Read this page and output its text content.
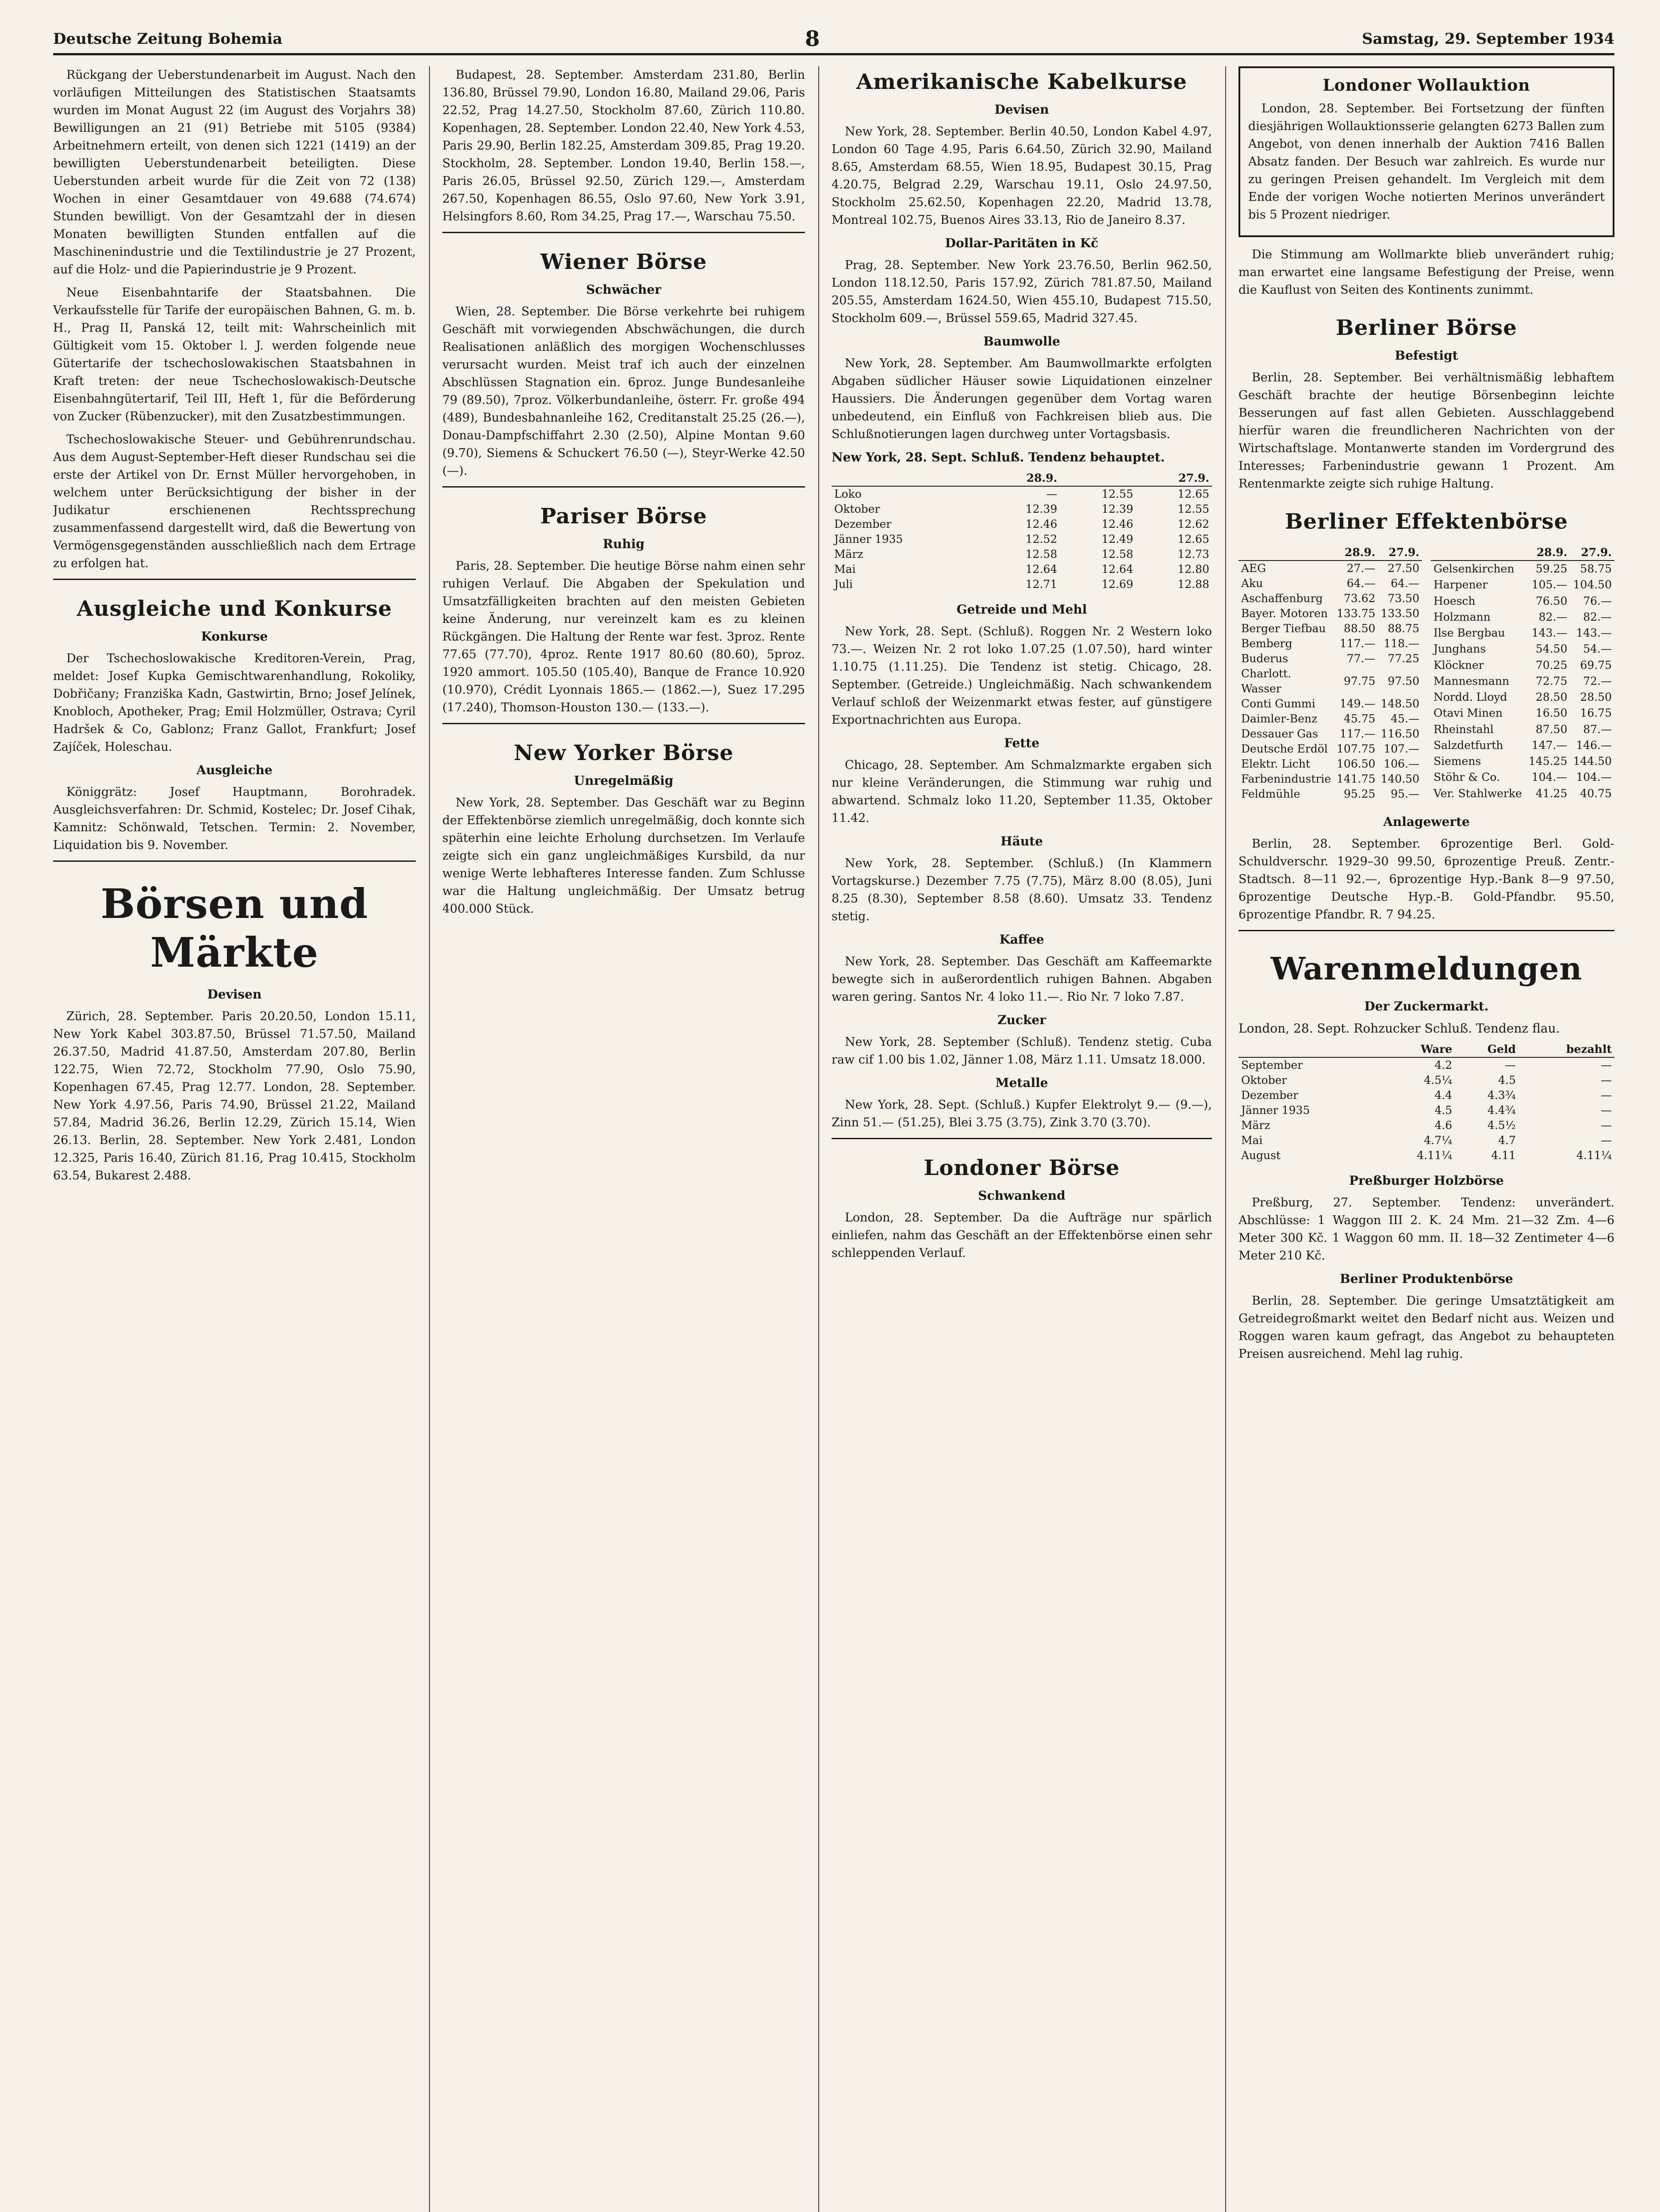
Deutsche Zeitung Bohemia	8	Samstag, 29. September 1934

Rückgang der Ueberstundenarbeit im August. Nach den vorläufigen Mitteilungen des Statistischen Staatsamts wurden im Monat August 22 (im August des Vorjahrs 38) Bewilligungen an 21 (91) Betriebe mit 5105 (9384) Arbeitnehmern erteilt, von denen sich 1221 (1419) an der bewilligten Ueberstundenarbeit beteiligten. Diese Ueberstunden arbeit wurde für die Zeit von 72 (138) Wochen in einer Gesamtdauer von 49.688 (74.674) Stunden bewilligt. Von der Gesamtzahl der in diesen Monaten bewilligten Stunden entfallen auf die Maschinenindustrie und die Textilindustrie je 27 Prozent, auf die Holz- und die Papierindustrie je 9 Prozent.

Neue Eisenbahntarife der Staatsbahnen. Die Verkaufsstelle für Tarife der europäischen Bahnen, G. m. b. H., Prag II, Panská 12, teilt mit: Wahrscheinlich mit Gültigkeit vom 15. Oktober l. J. werden folgende neue Gütertarife der tschechoslowakischen Staatsbahnen in Kraft treten: der neue Tschechoslowakisch-Deutsche Eisenbahngütertarif, Teil III, Heft 1, für die Beförderung von Zucker (Rübenzucker), mit den Zusatzbestimmungen.

Tschechoslowakische Steuer- und Gebührenrundschau. Aus dem August-September-Heft dieser Rundschau sei die erste der Artikel von Dr. Ernst Müller hervorgehoben, in welchem unter Berücksichtigung der bisher in der Judikatur erschienenen Rechtssprechung zusammenfassend dargestellt wird, daß die Bewertung von Vermögensgegenständen ausschließlich nach dem Ertrage zu erfolgen hat.

Ausgleiche und Konkurse
Konkurse

Der Tschechoslowakische Kreditoren-Verein, Prag, meldet: Josef Kupka Gemischtwarenhandlung, Rokoliky, Dobřičany; Franziška Kadn, Gastwirtin, Brno; Josef Jelínek, Knobloch, Apotheker, Prag; Emil Holzmüller, Ostrava; Cyril Hadršek & Co, Gablonz; Franz Gallot, Frankfurt; Josef Zajíček, Holeschau.

Ausgleiche

Königgrätz: Josef Hauptmann, Borohradek. Ausgleichsverfahren: Dr. Schmid, Kostelec; Dr. Josef Cihak, Kamnitz: Schönwald, Tetschen. Termin: 2. November, Liquidation bis 9. November.

Börsen und Märkte
Devisen

Zürich, 28. September. Paris 20.20.50, London 15.11, New York Kabel 303.87.50, Brüssel 71.57.50, Mailand 26.37.50, Madrid 41.87.50, Amsterdam 207.80, Berlin 122.75, Wien 72.72, Stockholm 77.90, Oslo 75.90, Kopenhagen 67.45, Prag 12.77. London, 28. September. New York 4.97.56, Paris 74.90, Brüssel 21.22, Mailand 57.84, Madrid 36.26, Berlin 12.29, Zürich 15.14, Wien 26.13. Berlin, 28. September. New York 2.481, London 12.325, Paris 16.40, Zürich 81.16, Prag 10.415, Stockholm 63.54, Bukarest 2.488.

Budapest, 28. September. Amsterdam 231.80, Berlin 136.80, Brüssel 79.90, London 16.80, Mailand 29.06, Paris 22.52, Prag 14.27.50, Stockholm 87.60, Zürich 110.80. Kopenhagen, 28. September. London 22.40, New York 4.53, Paris 29.90, Berlin 182.25, Amsterdam 309.85, Prag 19.20. Stockholm, 28. September. London 19.40, Berlin 158.—, Paris 26.05, Brüssel 92.50, Zürich 129.—, Amsterdam 267.50, Kopenhagen 86.55, Oslo 97.60, New York 3.91, Helsingfors 8.60, Rom 34.25, Prag 17.—, Warschau 75.50.

Wiener Börse
Schwächer

Wien, 28. September. Die Börse verkehrte bei ruhigem Geschäft mit vorwiegenden Abschwächungen, die durch Realisationen anläßlich des morgigen Wochenschlusses verursacht wurden. Meist traf ich auch der einzelnen Abschlüssen Stagnation ein. 6proz. Junge Bundesanleihe 79 (89.50), 7proz. Völkerbundanleihe, österr. Fr. große 494 (489), Bundesbahnanleihe 162, Creditanstalt 25.25 (26.—), Donau-Dampfschiffahrt 2.30 (2.50), Alpine Montan 9.60 (9.70), Siemens & Schuckert 76.50 (—), Steyr-Werke 42.50 (—).

Pariser Börse
Ruhig

Paris, 28. September. Die heutige Börse nahm einen sehr ruhigen Verlauf. Die Abgaben der Spekulation und Umsatzfälligkeiten brachten auf den meisten Gebieten keine Änderung, nur vereinzelt kam es zu kleinen Rückgängen. Die Haltung der Rente war fest. 3proz. Rente 77.65 (77.70), 4proz. Rente 1917 80.60 (80.60), 5proz. 1920 ammort. 105.50 (105.40), Banque de France 10.920 (10.970), Crédit Lyonnais 1865.— (1862.—), Suez 17.295 (17.240), Thomson-Houston 130.— (133.—).

New Yorker Börse
Unregelmäßig

New York, 28. September. Das Geschäft war zu Beginn der Effektenbörse ziemlich unregelmäßig, doch konnte sich späterhin eine leichte Erholung durchsetzen. Im Verlaufe zeigte sich ein ganz ungleichmäßiges Kursbild, da nur wenige Werte lebhafteres Interesse fanden. Zum Schlusse war die Haltung ungleichmäßig. Der Umsatz betrug 400.000 Stück.

Amerikanische Kabelkurse
Devisen

New York, 28. September. Berlin 40.50, London Kabel 4.97, London 60 Tage 4.95, Paris 6.64.50, Zürich 32.90, Mailand 8.65, Amsterdam 68.55, Wien 18.95, Budapest 30.15, Prag 4.20.75, Belgrad 2.29, Warschau 19.11, Oslo 24.97.50, Stockholm 25.62.50, Kopenhagen 22.20, Madrid 13.78, Montreal 102.75, Buenos Aires 33.13, Rio de Janeiro 8.37.

Dollar-Paritäten in Kč

Prag, 28. September. New York 23.76.50, Berlin 962.50, London 118.12.50, Paris 157.92, Zürich 781.87.50, Mailand 205.55, Amsterdam 1624.50, Wien 455.10, Budapest 715.50, Stockholm 609.—, Brüssel 559.65, Madrid 327.45.

Baumwolle

New York, 28. September. Am Baumwollmarkte erfolgten Abgaben südlicher Häuser sowie Liquidationen einzelner Haussiers. Die Änderungen gegenüber dem Vortag waren unbedeutend, ein Einfluß von Fachkreisen blieb aus. Die Schlußnotierungen lagen durchweg unter Vortagsbasis.

New York, 28. Sept. Schluß. Tendenz behauptet.
	28.9.		27.9.
Loko	—	12.55	12.65
Oktober	12.39	12.39	12.55
Dezember	12.46	12.46	12.62
Jänner 1935	12.52	12.49	12.65
März	12.58	12.58	12.73
Mai	12.64	12.64	12.80
Juli	12.71	12.69	12.88
Getreide und Mehl

New York, 28. Sept. (Schluß). Roggen Nr. 2 Western loko 73.—. Weizen Nr. 2 rot loko 1.07.25 (1.07.50), hard winter 1.10.75 (1.11.25). Die Tendenz ist stetig. Chicago, 28. September. (Getreide.) Ungleichmäßig. Nach schwankendem Verlauf schloß der Weizenmarkt etwas fester, auf günstigere Exportnachrichten aus Europa.

Fette

Chicago, 28. September. Am Schmalzmarkte ergaben sich nur kleine Veränderungen, die Stimmung war ruhig und abwartend. Schmalz loko 11.20, September 11.35, Oktober 11.42.

Häute

New York, 28. September. (Schluß.) (In Klammern Vortagskurse.) Dezember 7.75 (7.75), März 8.00 (8.05), Juni 8.25 (8.30), September 8.58 (8.60). Umsatz 33. Tendenz stetig.

Kaffee

New York, 28. September. Das Geschäft am Kaffeemarkte bewegte sich in außerordentlich ruhigen Bahnen. Abgaben waren gering. Santos Nr. 4 loko 11.—. Rio Nr. 7 loko 7.87.

Zucker

New York, 28. September (Schluß). Tendenz stetig. Cuba raw cif 1.00 bis 1.02, Jänner 1.08, März 1.11. Umsatz 18.000.

Metalle

New York, 28. Sept. (Schluß.) Kupfer Elektrolyt 9.— (9.—), Zinn 51.— (51.25), Blei 3.75 (3.75), Zink 3.70 (3.70).

Londoner Börse
Schwankend

London, 28. September. Da die Aufträge nur spärlich einliefen, nahm das Geschäft an der Effektenbörse einen sehr schleppenden Verlauf.

Londoner Wollauktion

London, 28. September. Bei Fortsetzung der fünften diesjährigen Wollauktionsserie gelangten 6273 Ballen zum Angebot, von denen innerhalb der Auktion 7416 Ballen Absatz fanden. Der Besuch war zahlreich. Es wurde nur zu geringen Preisen gehandelt. Im Vergleich mit dem Ende der vorigen Woche notierten Merinos unverändert bis 5 Prozent niedriger.

Die Stimmung am Wollmarkte blieb unverändert ruhig; man erwartet eine langsame Befestigung der Preise, wenn die Kauflust von Seiten des Kontinents zunimmt.

Berliner Börse
Befestigt

Berlin, 28. September. Bei verhältnismäßig lebhaftem Geschäft brachte der heutige Börsenbeginn leichte Besserungen auf fast allen Gebieten. Ausschlaggebend hierfür waren die freundlicheren Nachrichten von der Wirtschaftslage. Montanwerte standen im Vordergrund des Interesses; Farbenindustrie gewann 1 Prozent. Am Rentenmarkte zeigte sich ruhige Haltung.

Berliner Effektenbörse
	28.9.	27.9.
AEG	27.—	27.50
Aku	64.—	64.—
Aschaffenburg	73.62	73.50
Bayer. Motoren	133.75	133.50
Berger Tiefbau	88.50	88.75
Bemberg	117.—	118.—
Buderus	77.—	77.25
Charlott. Wasser	97.75	97.50
Conti Gummi	149.—	148.50
Daimler-Benz	45.75	45.—
Dessauer Gas	117.—	116.50
Deutsche Erdöl	107.75	107.—
Elektr. Licht	106.50	106.—
Farbenindustrie	141.75	140.50
Feldmühle	95.25	95.—
	28.9.	27.9.
Gelsenkirchen	59.25	58.75
Harpener	105.—	104.50
Hoesch	76.50	76.—
Holzmann	82.—	82.—
Ilse Bergbau	143.—	143.—
Junghans	54.50	54.—
Klöckner	70.25	69.75
Mannesmann	72.75	72.—
Nordd. Lloyd	28.50	28.50
Otavi Minen	16.50	16.75
Rheinstahl	87.50	87.—
Salzdetfurth	147.—	146.—
Siemens	145.25	144.50
Stöhr & Co.	104.—	104.—
Ver. Stahlwerke	41.25	40.75
Anlagewerte

Berlin, 28. September. 6prozentige Berl. Gold-Schuldverschr. 1929–30 99.50, 6prozentige Preuß. Zentr.-Stadtsch. 8—11 92.—, 6prozentige Hyp.-Bank 8—9 97.50, 6prozentige Deutsche Hyp.-B. Gold-Pfandbr. 95.50, 6prozentige Pfandbr. R. 7 94.25.

Warenmeldungen
Der Zuckermarkt.
London, 28. Sept. Rohzucker Schluß. Tendenz flau.
	Ware	Geld	bezahlt
September	4.2	—	—
Oktober	4.5¼	4.5	—
Dezember	4.4	4.3¾	—
Jänner 1935	4.5	4.4¾	—
März	4.6	4.5½	—
Mai	4.7¼	4.7	—
August	4.11¼	4.11	4.11¼
Preßburger Holzbörse

Preßburg, 27. September. Tendenz: unverändert. Abschlüsse: 1 Waggon III 2. K. 24 Mm. 21—32 Zm. 4—6 Meter 300 Kč. 1 Waggon 60 mm. II. 18—32 Zentimeter 4—6 Meter 210 Kč.

Berliner Produktenbörse

Berlin, 28. September. Die geringe Umsatztätigkeit am Getreidegroßmarkt weitet den Bedarf nicht aus. Weizen und Roggen waren kaum gefragt, das Angebot zu behaupteten Preisen ausreichend. Mehl lag ruhig.
